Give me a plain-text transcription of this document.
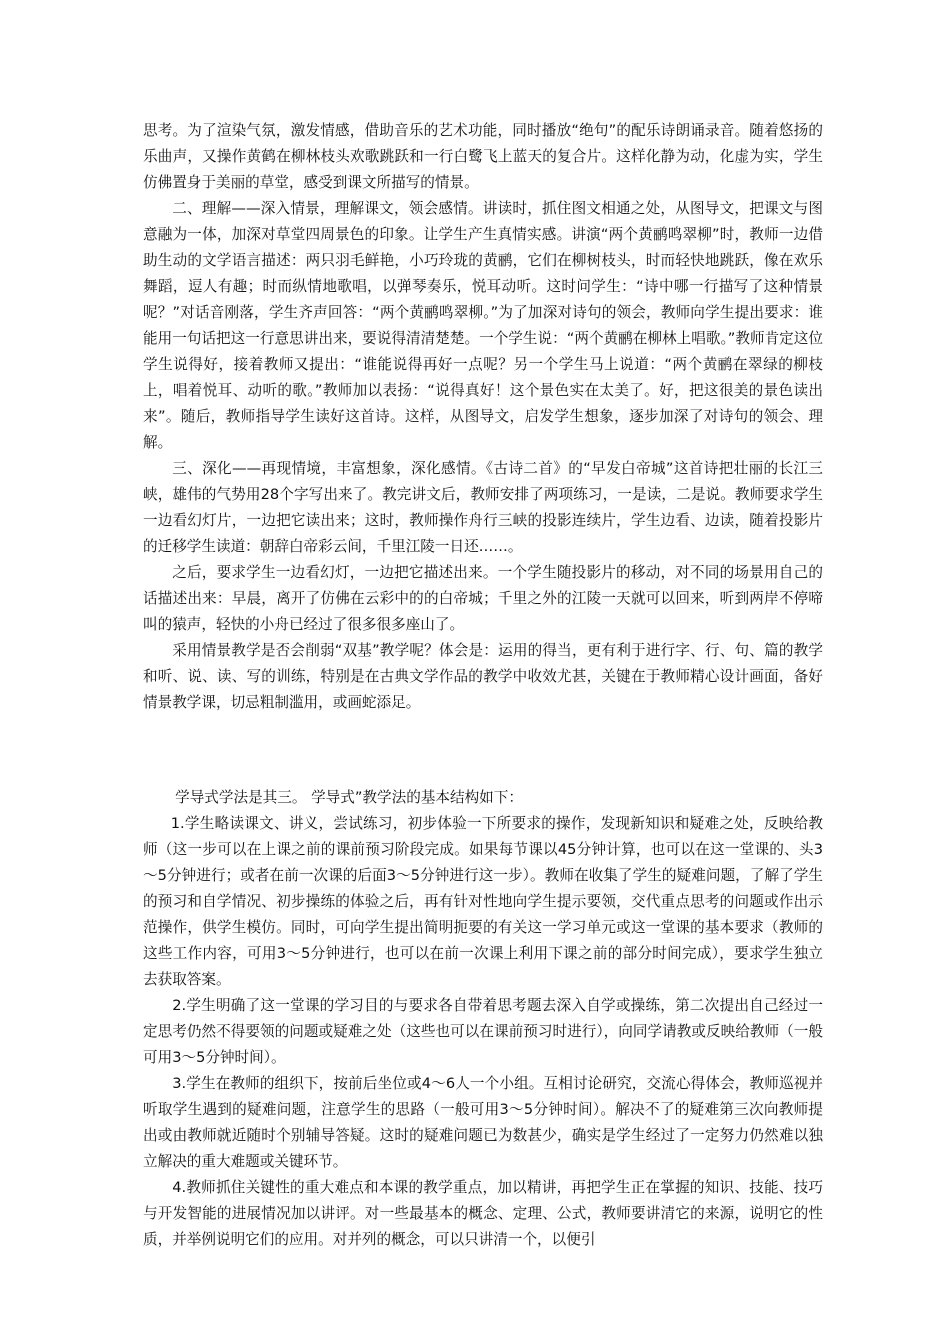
思考。为了渲染气氛，激发情感，借助音乐的艺术功能，同时播放“绝句”的配乐诗朗诵录音。随着悠扬的乐曲声，又操作黄鹤在柳林枝头欢歌跳跃和一行白鹭飞上蓝天的复合片。这样化静为动，化虚为实，学生仿佛置身于美丽的草堂，感受到课文所描写的情景。

二、理解——深入情景，理解课文，领会感情。讲读时，抓住图文相通之处，从图导文，把课文与图意融为一体，加深对草堂四周景色的印象。让学生产生真情实感。讲演“两个黄鹂鸣翠柳”时，教师一边借助生动的文学语言描述：两只羽毛鲜艳，小巧玲珑的黄鹂，它们在柳树枝头，时而轻快地跳跃，像在欢乐舞蹈，逗人有趣；时而纵情地歌唱，以弹琴奏乐，悦耳动听。这时问学生：“诗中哪一行描写了这种情景呢？”对话音刚落，学生齐声回答：“两个黄鹂鸣翠柳。”为了加深对诗句的领会，教师向学生提出要求：谁能用一句话把这一行意思讲出来，要说得清清楚楚。一个学生说：“两个黄鹂在柳林上唱歌。”教师肯定这位学生说得好，接着教师又提出：“谁能说得再好一点呢？另一个学生马上说道：“两个黄鹂在翠绿的柳枝上，唱着悦耳、动听的歌。”教师加以表扬：“说得真好！这个景色实在太美了。好，把这很美的景色读出来”。随后，教师指导学生读好这首诗。这样，从图导文，启发学生想象，逐步加深了对诗句的领会、理解。

三、深化——再现情境，丰富想象，深化感情。《古诗二首》的“早发白帝城”这首诗把壮丽的长江三峡，雄伟的气势用28个字写出来了。教完讲文后，教师安排了两项练习，一是读，二是说。教师要求学生一边看幻灯片，一边把它读出来；这时，教师操作舟行三峡的投影连续片，学生边看、边读，随着投影片的迁移学生读道：朝辞白帝彩云间，千里江陵一日还……。

之后，要求学生一边看幻灯，一边把它描述出来。一个学生随投影片的移动，对不同的场景用自己的话描述出来：早晨，离开了仿佛在云彩中的的白帝城；千里之外的江陵一天就可以回来，听到两岸不停啼叫的猿声，轻快的小舟已经过了很多很多座山了。

采用情景教学是否会削弱“双基”教学呢？体会是：运用的得当，更有利于进行字、行、句、篇的教学和听、说、读、写的训练，特别是在古典文学作品的教学中收效尤甚，关键在于教师精心设计画面，备好情景教学课，切忌粗制滥用，或画蛇添足。

学导式学法是其三。 学导式”教学法的基本结构如下：

1.学生略读课文、讲义，尝试练习，初步体验一下所要求的操作，发现新知识和疑难之处，反映给教师（这一步可以在上课之前的课前预习阶段完成。如果每节课以45分钟计算，也可以在这一堂课的、头3～5分钟进行；或者在前一次课的后面3～5分钟进行这一步）。教师在收集了学生的疑难问题，了解了学生的预习和自学情况、初步操练的体验之后，再有针对性地向学生提示要领，交代重点思考的问题或作出示范操作，供学生模仿。同时，可向学生提出简明扼要的有关这一学习单元或这一堂课的基本要求（教师的这些工作内容，可用3～5分钟进行，也可以在前一次课上利用下课之前的部分时间完成），要求学生独立去获取答案。

2.学生明确了这一堂课的学习目的与要求各自带着思考题去深入自学或操练，第二次提出自己经过一定思考仍然不得要领的问题或疑难之处（这些也可以在课前预习时进行），向同学请教或反映给教师（一般可用3～5分钟时间）。

3.学生在教师的组织下，按前后坐位或4～6人一个小组。互相讨论研究，交流心得体会，教师巡视并听取学生遇到的疑难问题，注意学生的思路（一般可用3～5分钟时间）。解决不了的疑难第三次向教师提出或由教师就近随时个别辅导答疑。这时的疑难问题已为数甚少，确实是学生经过了一定努力仍然难以独立解决的重大难题或关键环节。

4.教师抓住关键性的重大难点和本课的教学重点，加以精讲，再把学生正在掌握的知识、技能、技巧与开发智能的进展情况加以讲评。对一些最基本的概念、定理、公式，教师要讲清它的来源，说明它的性质，并举例说明它们的应用。对并列的概念，可以只讲清一个，以便引
